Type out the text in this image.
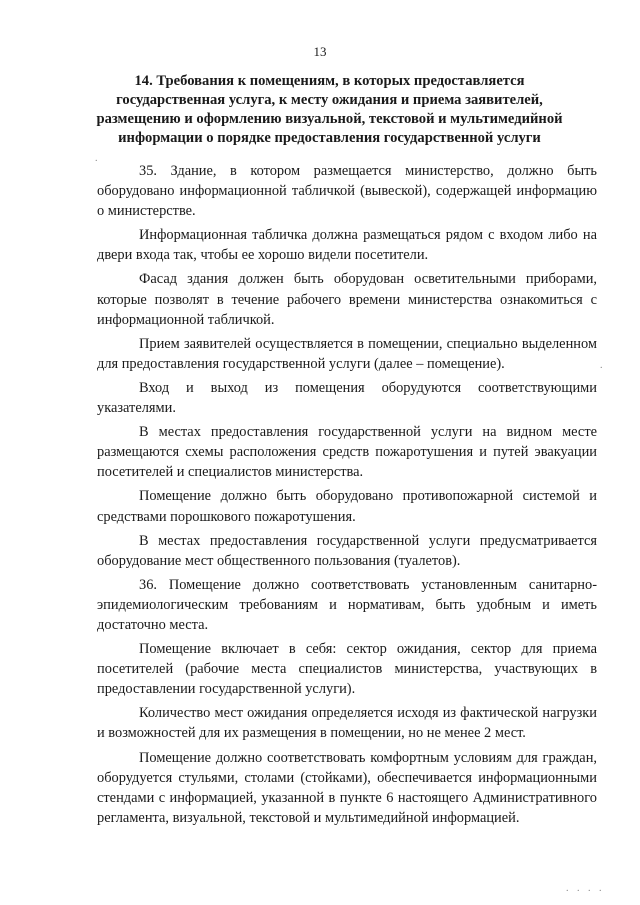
13
14. Требования к помещениям, в которых предоставляется государственная услуга, к месту ожидания и приема заявителей, размещению и оформлению визуальной, текстовой и мультимедийной информации о порядке предоставления государственной услуги

35. Здание, в котором размещается министерство, должно быть оборудовано информационной табличкой (вывеской), содержащей информацию о министерстве.

Информационная табличка должна размещаться рядом с входом либо на двери входа так, чтобы ее хорошо видели посетители.

Фасад здания должен быть оборудован осветительными приборами, которые позволят в течение рабочего времени министерства ознакомиться с информационной табличкой.

Прием заявителей осуществляется в помещении, специально выделенном для предоставления государственной услуги (далее – помещение).

Вход и выход из помещения оборудуются соответствующими указателями.

В местах предоставления государственной услуги на видном месте размещаются схемы расположения средств пожаротушения и путей эвакуации посетителей и специалистов министерства.

Помещение должно быть оборудовано противопожарной системой и средствами порошкового пожаротушения.

В местах предоставления государственной услуги предусматривается оборудование мест общественного пользования (туалетов).

36. Помещение должно соответствовать установленным санитарно-эпидемиологическим требованиям и нормативам, быть удобным и иметь достаточно места.

Помещение включает в себя: сектор ожидания, сектор для приема посетителей (рабочие места специалистов министерства, участвующих в предоставлении государственной услуги).

Количество мест ожидания определяется исходя из фактической нагрузки и возможностей для их размещения в помещении, но не менее 2 мест.

Помещение должно соответствовать комфортным условиям для граждан, оборудуется стульями, столами (стойками), обеспечивается информационными стендами с информацией, указанной в пункте 6 настоящего Административного регламента, визуальной, текстовой и мультимедийной информацией.

.
.
. . . .
